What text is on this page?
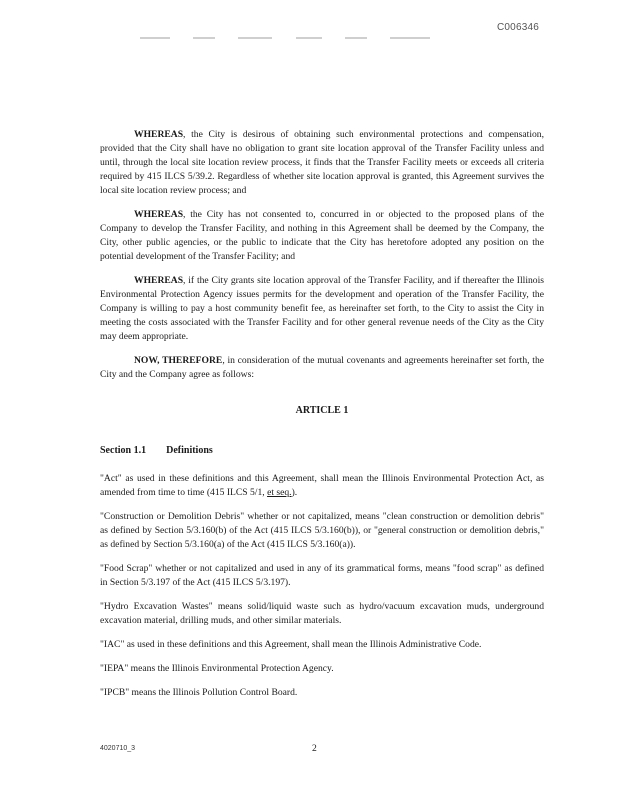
C006346

WHEREAS, the City is desirous of obtaining such environmental protections and compensation, provided that the City shall have no obligation to grant site location approval of the Transfer Facility unless and until, through the local site location review process, it finds that the Transfer Facility meets or exceeds all criteria required by 415 ILCS 5/39.2. Regardless of whether site location approval is granted, this Agreement survives the local site location review process; and

WHEREAS, the City has not consented to, concurred in or objected to the proposed plans of the Company to develop the Transfer Facility, and nothing in this Agreement shall be deemed by the Company, the City, other public agencies, or the public to indicate that the City has heretofore adopted any position on the potential development of the Transfer Facility; and

WHEREAS, if the City grants site location approval of the Transfer Facility, and if thereafter the Illinois Environmental Protection Agency issues permits for the development and operation of the Transfer Facility, the Company is willing to pay a host community benefit fee, as hereinafter set forth, to the City to assist the City in meeting the costs associated with the Transfer Facility and for other general revenue needs of the City as the City may deem appropriate.

NOW, THEREFORE, in consideration of the mutual covenants and agreements hereinafter set forth, the City and the Company agree as follows:

ARTICLE 1
Section 1.1 Definitions

"Act" as used in these definitions and this Agreement, shall mean the Illinois Environmental Protection Act, as amended from time to time (415 ILCS 5/1, et seq.).

"Construction or Demolition Debris" whether or not capitalized, means "clean construction or demolition debris" as defined by Section 5/3.160(b) of the Act (415 ILCS 5/3.160(b)), or "general construction or demolition debris," as defined by Section 5/3.160(a) of the Act (415 ILCS 5/3.160(a)).

"Food Scrap" whether or not capitalized and used in any of its grammatical forms, means "food scrap" as defined in Section 5/3.197 of the Act (415 ILCS 5/3.197).

"Hydro Excavation Wastes" means solid/liquid waste such as hydro/vacuum excavation muds, underground excavation material, drilling muds, and other similar materials.

"IAC" as used in these definitions and this Agreement, shall mean the Illinois Administrative Code.

"IEPA" means the Illinois Environmental Protection Agency.

"IPCB" means the Illinois Pollution Control Board.

4020710_3	2
